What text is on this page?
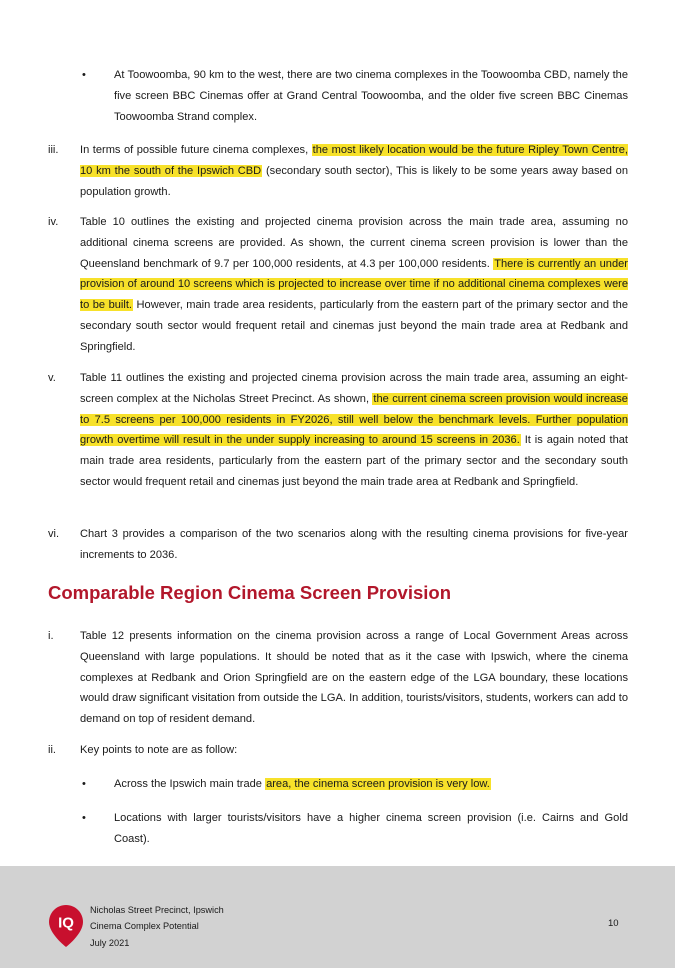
•	At Toowoomba, 90 km to the west, there are two cinema complexes in the Toowoomba CBD, namely the five screen BBC Cinemas offer at Grand Central Toowoomba, and the older five screen BBC Cinemas Toowoomba Strand complex.

iii.	In terms of possible future cinema complexes, the most likely location would be the future Ripley Town Centre, 10 km the south of the Ipswich CBD (secondary south sector), This is likely to be some years away based on population growth.

iv.	Table 10 outlines the existing and projected cinema provision across the main trade area, assuming no additional cinema screens are provided. As shown, the current cinema screen provision is lower than the Queensland benchmark of 9.7 per 100,000 residents, at 4.3 per 100,000 residents. There is currently an under provision of around 10 screens which is projected to increase over time if no additional cinema complexes were to be built. However, main trade area residents, particularly from the eastern part of the primary sector and the secondary south sector would frequent retail and cinemas just beyond the main trade area at Redbank and Springfield.

v.	Table 11 outlines the existing and projected cinema provision across the main trade area, assuming an eight-screen complex at the Nicholas Street Precinct. As shown, the current cinema screen provision would increase to 7.5 screens per 100,000 residents in FY2026, still well below the benchmark levels. Further population growth overtime will result in the under supply increasing to around 15 screens in 2036. It is again noted that main trade area residents, particularly from the eastern part of the primary sector and the secondary south sector would frequent retail and cinemas just beyond the main trade area at Redbank and Springfield.

vi.	Chart 3 provides a comparison of the two scenarios along with the resulting cinema provisions for five-year increments to 2036.

Comparable Region Cinema Screen Provision
i.	Table 12 presents information on the cinema provision across a range of Local Government Areas across Queensland with large populations. It should be noted that as it the case with Ipswich, where the cinema complexes at Redbank and Orion Springfield are on the eastern edge of the LGA boundary, these locations would draw significant visitation from outside the LGA. In addition, tourists/visitors, students, workers can add to demand on top of resident demand.

ii.	Key points to note are as follow:

•	Across the Ipswich main trade area, the cinema screen provision is very low.

•	Locations with larger tourists/visitors have a higher cinema screen provision (i.e. Cairns and Gold Coast).

IQ
Nicholas Street Precinct, Ipswich
Cinema Complex Potential
July 2021
10
